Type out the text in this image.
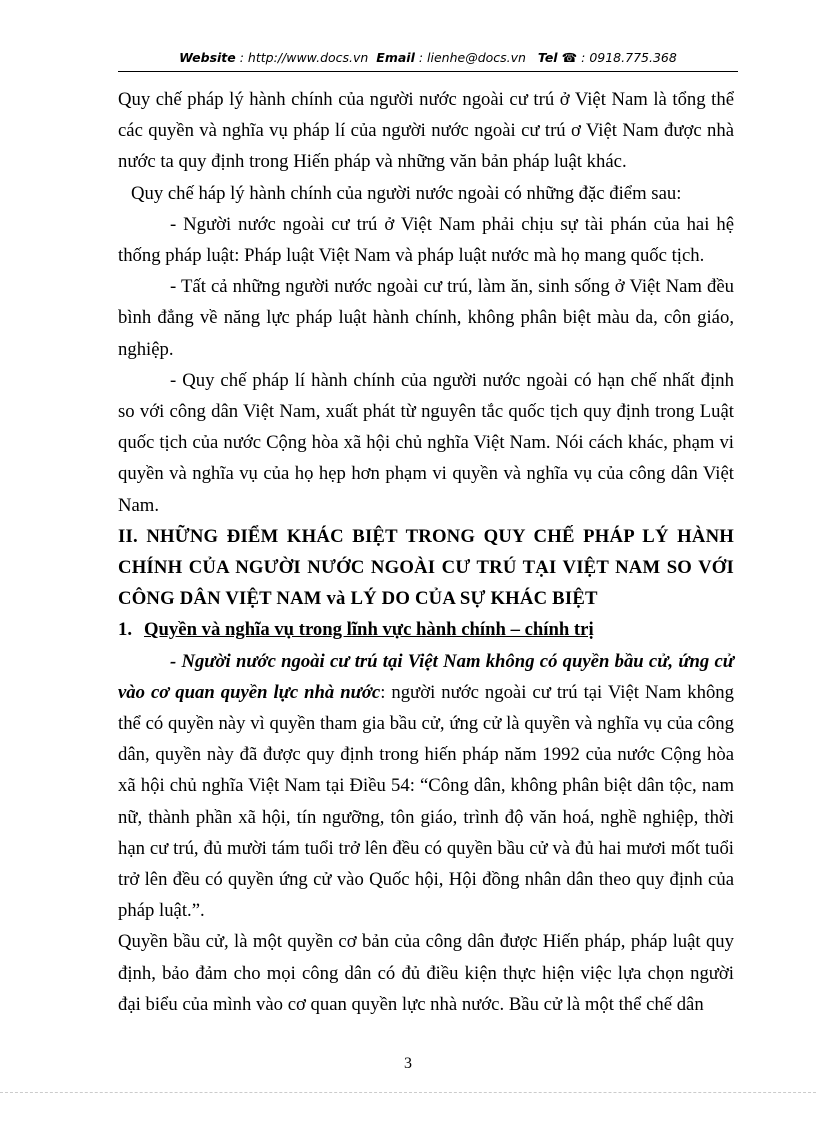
Website : http://www.docs.vn Email : lienhe@docs.vn Tel ☎ : 0918.775.368

Quy chế pháp lý hành chính của người nước ngoài cư trú ở Việt Nam là tổng thể các quyền và nghĩa vụ pháp lí của người nước ngoài cư trú ơ Việt Nam được nhà nước ta quy định trong Hiến pháp và những văn bản pháp luật khác.

Quy chế háp lý hành chính của người nước ngoài có những đặc điểm sau:

- Người nước ngoài cư trú ở Việt Nam phải chịu sự tài phán của hai hệ thống pháp luật: Pháp luật Việt Nam và pháp luật nước mà họ mang quốc tịch.

- Tất cả những người nước ngoài cư trú, làm ăn, sinh sống ở Việt Nam đều bình đẳng về năng lực pháp luật hành chính, không phân biệt màu da, côn giáo, nghiệp.

- Quy chế pháp lí hành chính của người nước ngoài có hạn chế nhất định so với công dân Việt Nam, xuất phát từ nguyên tắc quốc tịch quy định trong Luật quốc tịch của nước Cộng hòa xã hội chủ nghĩa Việt Nam. Nói cách khác, phạm vi quyền và nghĩa vụ của họ hẹp hơn phạm vi quyền và nghĩa vụ của công dân Việt Nam.

II. NHỮNG ĐIỂM KHÁC BIỆT TRONG QUY CHẾ PHÁP LÝ HÀNH CHÍNH CỦA NGƯỜI NƯỚC NGOÀI CƯ TRÚ TẠI VIỆT NAM SO VỚI CÔNG DÂN VIỆT NAM và LÝ DO CỦA SỰ KHÁC BIỆT

1. Quyền và nghĩa vụ trong lĩnh vực hành chính – chính trị

- Người nước ngoài cư trú tại Việt Nam không có quyền bầu cử, ứng cử vào cơ quan quyền lực nhà nước: người nước ngoài cư trú tại Việt Nam không thể có quyền này vì quyền tham gia bầu cử, ứng cử là quyền và nghĩa vụ của công dân, quyền này đã được quy định trong hiến pháp năm 1992 của nước Cộng hòa xã hội chủ nghĩa Việt Nam tại Điều 54: “Công dân, không phân biệt dân tộc, nam nữ, thành phần xã hội, tín ngưỡng, tôn giáo, trình độ văn hoá, nghề nghiệp, thời hạn cư trú, đủ mười tám tuổi trở lên đều có quyền bầu cử và đủ hai mươi mốt tuổi trở lên đều có quyền ứng cử vào Quốc hội, Hội đồng nhân dân theo quy định của pháp luật.”.

Quyền bầu cử, là một quyền cơ bản của công dân được Hiến pháp, pháp luật quy định, bảo đảm cho mọi công dân có đủ điều kiện thực hiện việc lựa chọn người đại biểu của mình vào cơ quan quyền lực nhà nước. Bầu cử là một thể chế dân

3
